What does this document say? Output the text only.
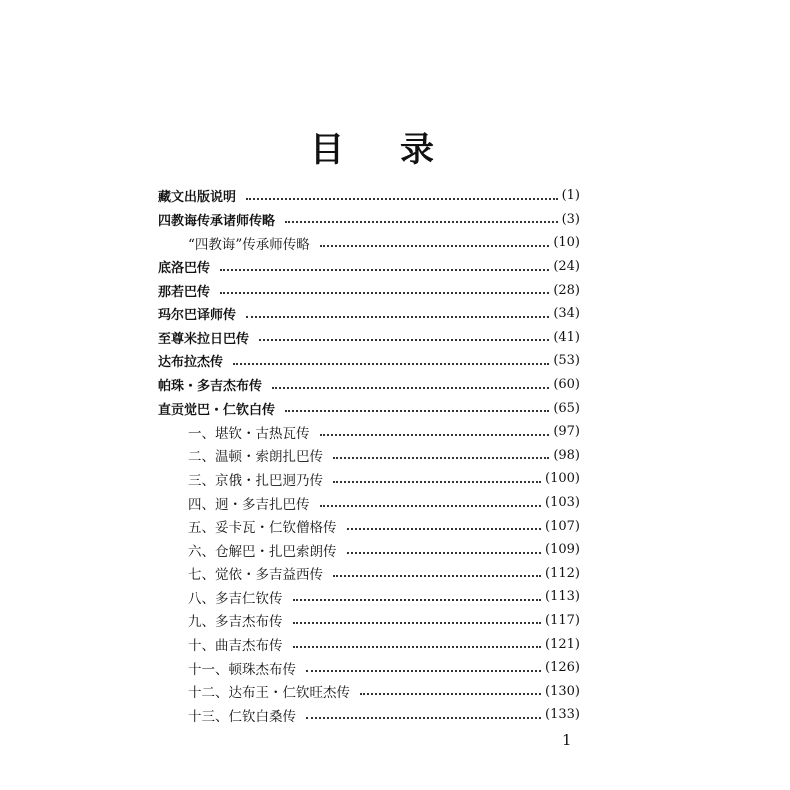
目 录
藏文出版说明	(1)
四教诲传承诸师传略	(3)
“四教诲”传承师传略	(10)
底洛巴传	(24)
那若巴传	(28)
玛尔巴译师传	(34)
至尊米拉日巴传	(41)
达布拉杰传	(53)
帕珠・多吉杰布传	(60)
直贡觉巴・仁钦白传	(65)
一、堪钦・古热瓦传	(97)
二、温顿・索朗扎巴传	(98)
三、京俄・扎巴迥乃传	(100)
四、迥・多吉扎巴传	(103)
五、妥卡瓦・仁钦僧格传	(107)
六、仓解巴・扎巴索朗传	(109)
七、觉依・多吉益西传	(112)
八、多吉仁钦传	(113)
九、多吉杰布传	(117)
十、曲吉杰布传	(121)
十一、顿珠杰布传	(126)
十二、达布王・仁钦旺杰传	(130)
十三、仁钦白桑传	(133)
1
